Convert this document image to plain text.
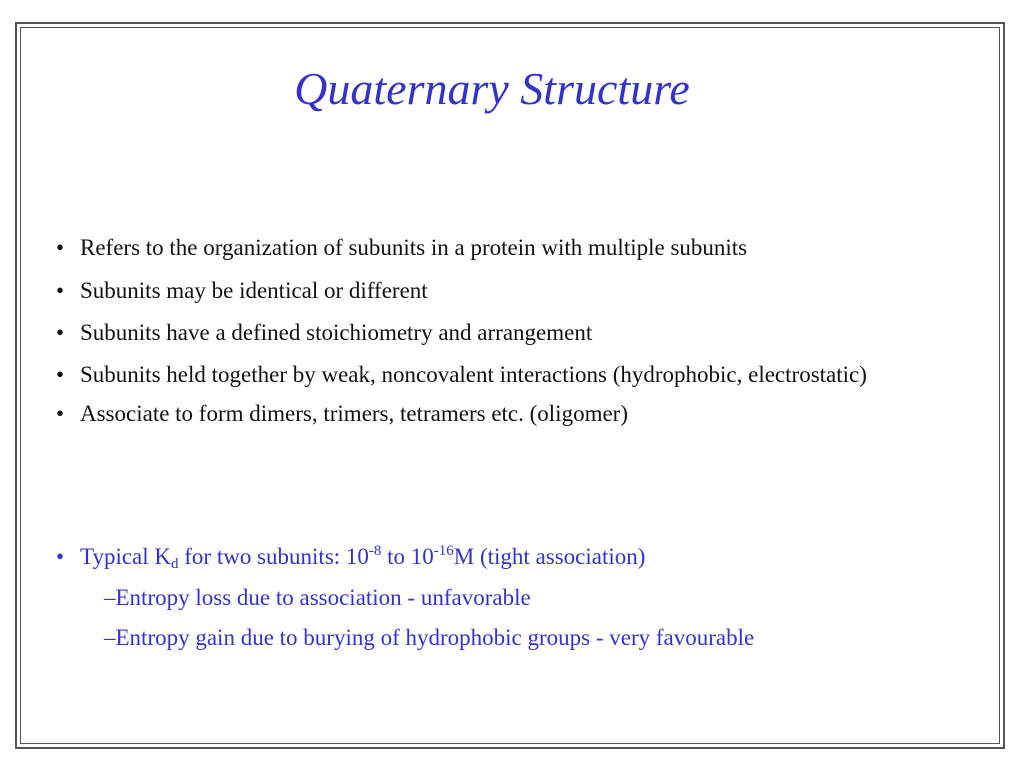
Quaternary Structure
• Refers to the organization of subunits in a protein with multiple subunits
• Subunits may be identical or different
• Subunits have a defined stoichiometry and arrangement
• Subunits held together by weak, noncovalent interactions (hydrophobic, electrostatic)
• Associate to form dimers, trimers, tetramers etc. (oligomer)
• Typical $K_d$ for two subunits: $10^{-8}$ to $10^{-16}M$ (tight association)
–Entropy loss due to association - unfavorable
–Entropy gain due to burying of hydrophobic groups - very favourable
